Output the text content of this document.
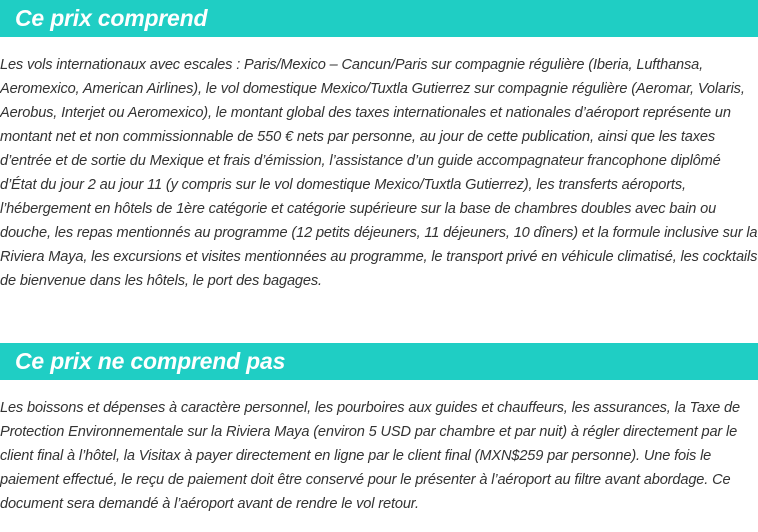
Ce prix comprend

Les vols internationaux avec escales : Paris/Mexico – Cancun/Paris sur compagnie régulière (Iberia, Lufthansa, Aeromexico, American Airlines), le vol domestique Mexico/Tuxtla Gutierrez sur compagnie régulière (Aeromar, Volaris, Aerobus, Interjet ou Aeromexico), le montant global des taxes internationales et nationales d’aéroport représente un montant net et non commissionnable de 550 € nets par personne, au jour de cette publication, ainsi que les taxes d’entrée et de sortie du Mexique et frais d’émission, l’assistance d’un guide accompagnateur francophone diplômé d’État du jour 2 au jour 11 (y compris sur le vol domestique Mexico/Tuxtla Gutierrez), les transferts aéroports, l’hébergement en hôtels de 1ère catégorie et catégorie supérieure sur la base de chambres doubles avec bain ou douche, les repas mentionnés au programme (12 petits déjeuners, 11 déjeuners, 10 dîners) et la formule inclusive sur la Riviera Maya, les excursions et visites mentionnées au programme, le transport privé en véhicule climatisé, les cocktails de bienvenue dans les hôtels, le port des bagages.

Ce prix ne comprend pas

Les boissons et dépenses à caractère personnel, les pourboires aux guides et chauffeurs, les assurances, la Taxe de Protection Environnementale sur la Riviera Maya (environ 5 USD par chambre et par nuit) à régler directement par le client final à l’hôtel, la Visitax à payer directement en ligne par le client final (MXN$259 par personne). Une fois le paiement effectué, le reçu de paiement doit être conservé pour le présenter à l’aéroport au filtre avant abordage. Ce document sera demandé à l’aéroport avant de rendre le vol retour.
